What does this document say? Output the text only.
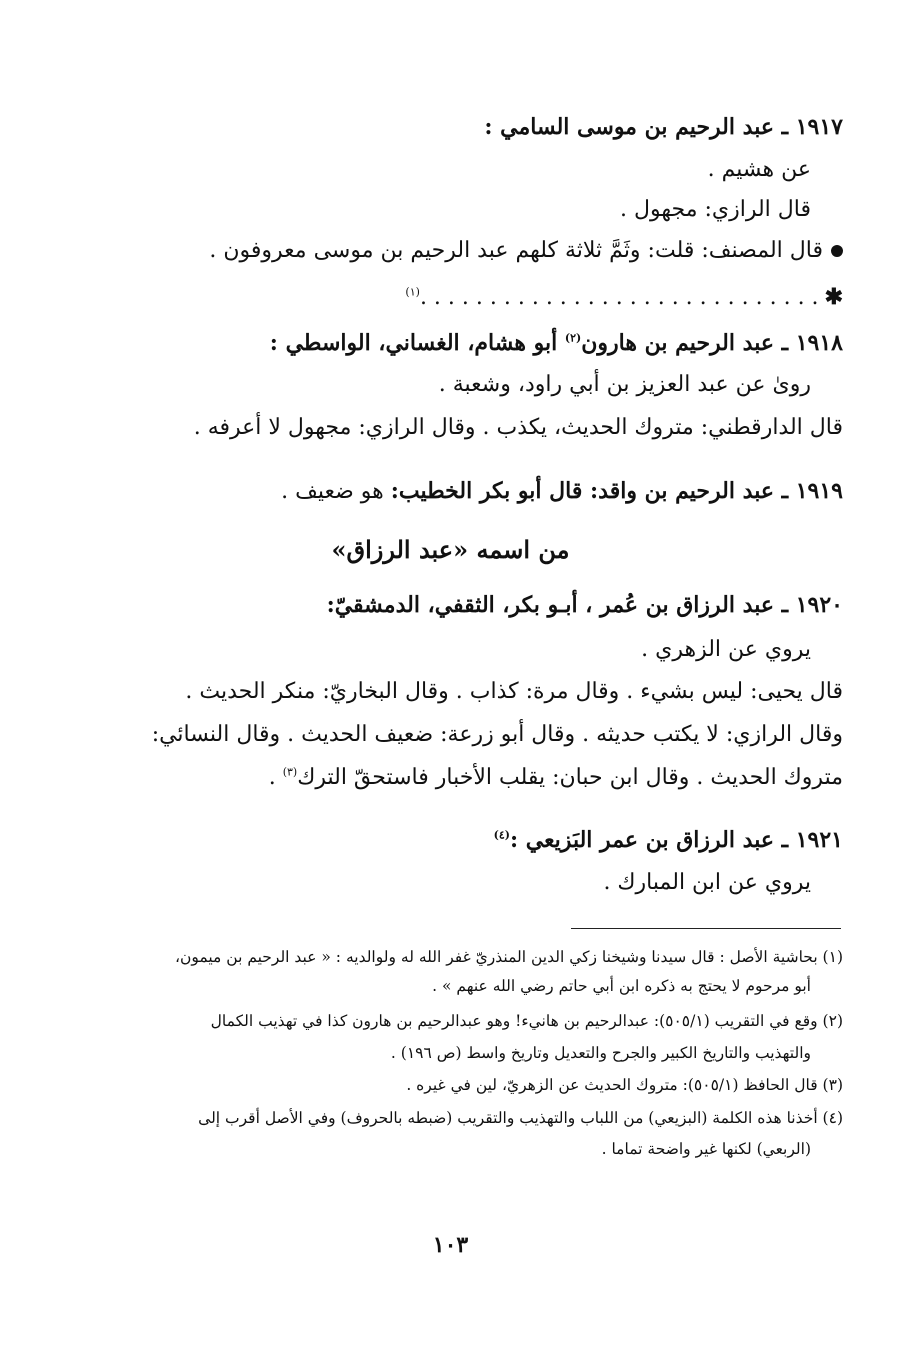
١٩١٧ ـ عبد الرحيم بن موسى السامي :
عن هشيم .
قال الرازي: مجهول .
قال المصنف: قلت: وثَمَّ ثلاثة كلهم عبد الرحيم بن موسى معروفون .
✱. . . . . . . . . . . . . . . . . . . . . . . . . . . . .$^{(١)}$
١٩١٨ ـ عبد الرحيم بن هارون$^{(٢)}$ أبو هشام، الغساني، الواسطي :
روىٰ عن عبد العزيز بن أبي راود، وشعبة .
قال الدارقطني: متروك الحديث، يكذب . وقال الرازي: مجهول لا أعرفه .
١٩١٩ ـ عبد الرحيم بن واقد: قال أبو بكر الخطيب: هو ضعيف .
من اسمه «عبد الرزاق»
١٩٢٠ ـ عبد الرزاق بن عُمر ، أبـو بكر، الثقفي، الدمشقيّ:
يروي عن الزهري .
قال يحيى: ليس بشيء . وقال مرة: كذاب . وقال البخاريّ: منكر الحديث .
وقال الرازي: لا يكتب حديثه . وقال أبو زرعة: ضعيف الحديث . وقال النسائي:
متروك الحديث . وقال ابن حبان: يقلب الأخبار فاستحقّ الترك$^{(٣)}$ .
١٩٢١ ـ عبد الرزاق بن عمر البَزيعي :$^{(٤)}$
يروي عن ابن المبارك .
(١) بحاشية الأصل : قال سيدنا وشيخنا زكي الدين المنذريّ غفر الله له ولوالديه : « عبد الرحيم بن ميمون،
أبو مرحوم لا يحتج به ذكره ابن أبي حاتم رضي الله عنهم » .
(٢) وقع في التقريب (٥٠٥/١): عبدالرحيم بن هانيء! وهو عبدالرحيم بن هارون كذا في تهذيب الكمال
والتهذيب والتاريخ الكبير والجرح والتعديل وتاريخ واسط (ص ١٩٦) .
(٣) قال الحافظ (٥٠٥/١): متروك الحديث عن الزهريّ، لين في غيره .
(٤) أخذنا هذه الكلمة (البزيعي) من اللباب والتهذيب والتقريب (ضبطه بالحروف) وفي الأصل أقرب إلى
(الربعي) لكنها غير واضحة تماما .
١٠٣
